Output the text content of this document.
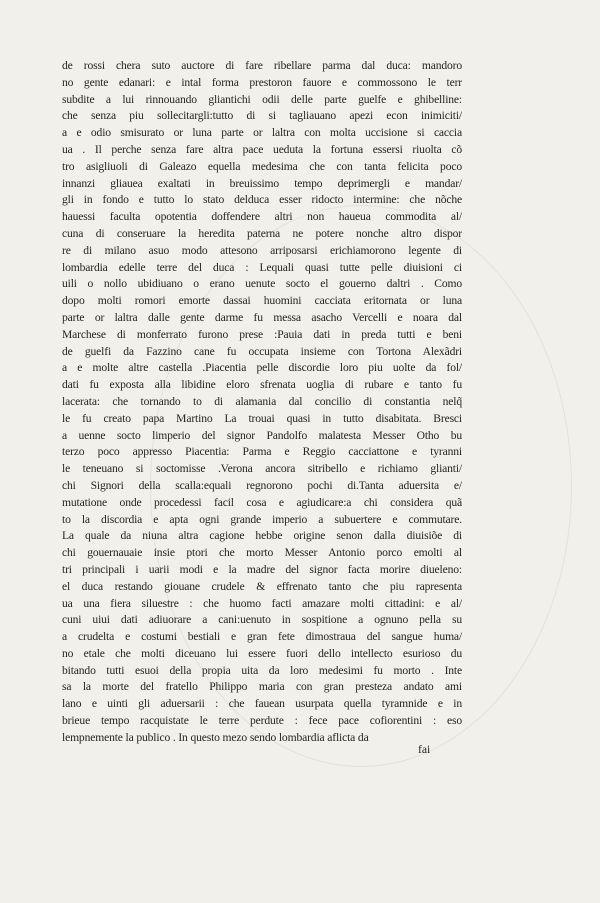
de rossi chera suto auctore di fare ribellare parma dal duca: mandoro
no gente edanari: e intal forma prestoron fauore e commossono le terr
subdite a lui rinnouando gliantichi odii delle parte guelfe e ghibelline:
che senza piu sollecitargli:tutto di si tagliauano apezi econ inimiciti/
a e odio smisurato or luna parte or laltra con molta uccisione si caccia
ua . Il perche senza fare altra pace ueduta la fortuna essersi riuolta cõ
tro asigliuoli di Galeazo equella medesima che con tanta felicita poco
innanzi gliauea exaltati in breuissimo tempo deprimergli e mandar/
gli in fondo e tutto lo stato delduca esser ridocto intermine: che nõche
hauessi faculta opotentia doffendere altri non haueua commodita al/
cuna di conseruare la heredita paterna ne potere nonche altro dispor
re di milano asuo modo attesono arriposarsi erichiamorono legente di
lombardia edelle terre del duca : Lequali quasi tutte pelle diuisioni ci
uili o nollo ubidiuano o erano uenute socto el gouerno daltri . Como
dopo molti romori emorte dassai huomini cacciata eritornata or luna
parte or laltra dalle gente darme fu messa asacho Vercelli e noara dal
Marchese di monferrato furono prese :Pauia dati in preda tutti e beni
de guelfi da Fazzino cane fu occupata insieme con Tortona Alexãdri
a e molte altre castella .Piacentia pelle discordie loro piu uolte da fol/
dati fu exposta alla libidine eloro sfrenata uoglia di rubare e tanto fu
lacerata: che tornando to di alamania dal concilio di constantia nelq̃
le fu creato papa Martino La trouai quasi in tutto disabitata. Bresci
a uenne socto limperio del signor Pandolfo malatesta Messer Otho bu
terzo poco appresso Piacentia: Parma e Reggio cacciattone e tyranni
le teneuano si soctomisse .Verona ancora sitribello e richiamo glianti/
chi Signori della scalla:equali regnorono pochi di.Tanta aduersita e/
mutatione onde procedessi facil cosa e agiudicare:a chi considera quã
to la discordia e apta ogni grande imperio a subuertere e commutare.
La quale da niuna altra cagione hebbe origine senon dalla diuisiõe di
chi gouernauaie insie ptori che morto Messer Antonio porco emolti al
tri principali i uarii modi e la madre del signor facta morire diueleno:
el duca restando giouane crudele & effrenato tanto che piu rapresenta
ua una fiera siluestre : che huomo facti amazare molti cittadini: e al/
cuni uiui dati adiuorare a cani:uenuto in sospitione a ognuno pella su
a crudelta e costumi bestiali e gran fete dimostraua del sangue huma/
no etale che molti diceuano lui essere fuori dello intellecto esurioso du
bitando tutti esuoi della propia uita da loro medesimi fu morto . Inte
sa la morte del fratello Philippo maria con gran presteza andato ami
lano e uinti gli aduersarii : che fauean usurpata quella tyramnide e in
brieue tempo racquistate le terre perdute : fece pace cofiorentini : eso
lempnemente la publico . In questo mezo sendo lombardia aflicta da
fai
